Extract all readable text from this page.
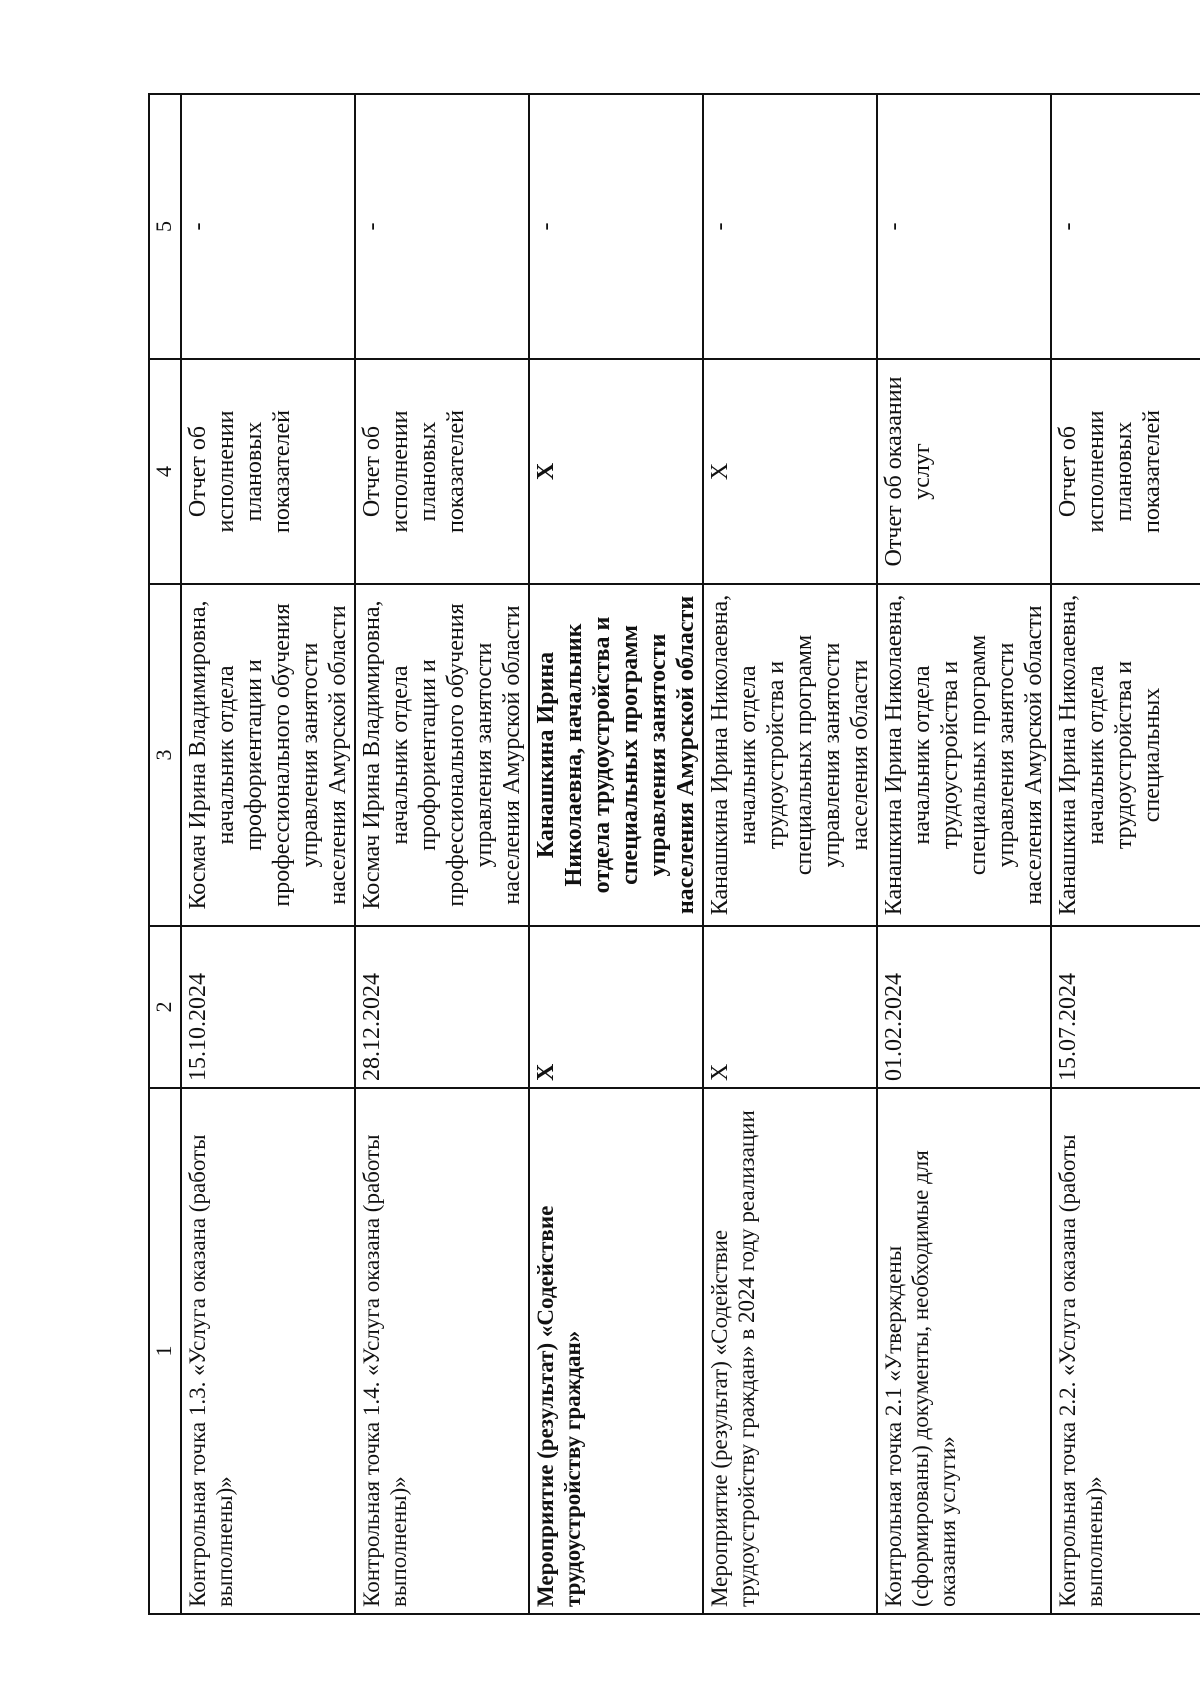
1	2	3	4	5
Контрольная точка 1.3. «Услуга оказана (работы выполнены)»	15.10.2024	Космач Ирина Владимировна, начальник отдела профориентации и профессионального обучения управления занятости населения Амурской области	Отчет об исполнении плановых показателей	-
Контрольная точка 1.4. «Услуга оказана (работы выполнены)»	28.12.2024	Космач Ирина Владимировна, начальник отдела профориентации и профессионального обучения управления занятости населения Амурской области	Отчет об исполнении плановых показателей	-
Мероприятие (результат) «Содействие трудоустройству граждан»	Х	Канашкина Ирина Николаевна, начальник отдела трудоустройства и специальных программ управления занятости населения Амурской области	Х	-
Мероприятие (результат) «Содействие трудоустройству граждан» в 2024 году реализации	Х	Канашкина Ирина Николаевна, начальник отдела трудоустройства и специальных программ управления занятости населения области	Х	-
Контрольная точка 2.1 «Утверждены (сформированы) документы, необходимые для оказания услуги»	01.02.2024	Канашкина Ирина Николаевна, начальник отдела трудоустройства и специальных программ управления занятости населения Амурской области	Отчет об оказании услуг	-
Контрольная точка 2.2. «Услуга оказана (работы выполнены)»	15.07.2024	Канашкина Ирина Николаевна, начальник отдела трудоустройства и специальных	Отчет об исполнении плановых показателей	-
